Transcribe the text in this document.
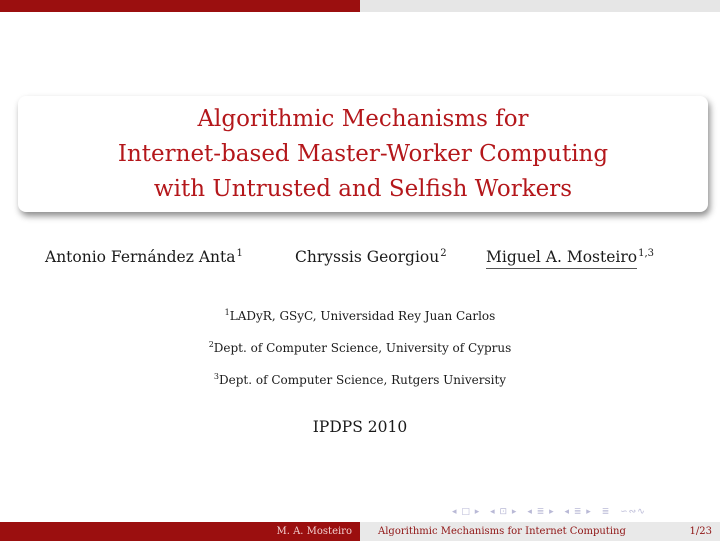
Algorithmic Mechanisms for
Internet-based Master-Worker Computing
with Untrusted and Selfish Workers
Antonio Fernández Anta$^1$	Chryssis Georgiou$^2$	Miguel A. Mosteiro$^{1,3}$
$^1$LADyR, GSyC, Universidad Rey Juan Carlos
$^2$Dept. of Computer Science, University of Cyprus
$^3$Dept. of Computer Science, Rutgers University
IPDPS 2010
◂ □ ▸ ◂ ⊡ ▸ ◂ ≣ ▸ ◂ ≣ ▸ ≣ ∽∾∿
M. A. Mosteiro	Algorithmic Mechanisms for Internet Computing	1/23
